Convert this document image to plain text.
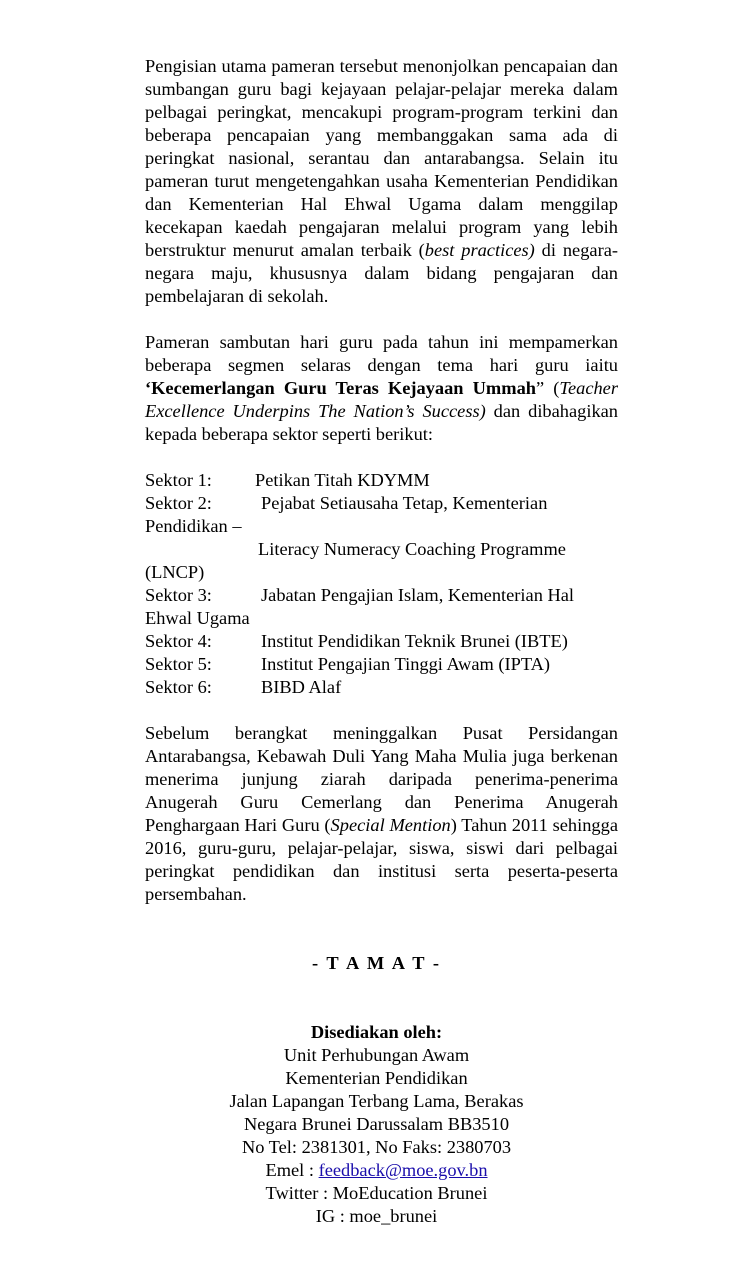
Pengisian utama pameran tersebut menonjolkan pencapaian dan sumbangan guru bagi kejayaan pelajar-pelajar mereka dalam pelbagai peringkat, mencakupi program-program terkini dan beberapa pencapaian yang membanggakan sama ada di peringkat nasional, serantau dan antarabangsa. Selain itu pameran turut mengetengahkan usaha Kementerian Pendidikan dan Kementerian Hal Ehwal Ugama dalam menggilap kecekapan kaedah pengajaran melalui program yang lebih berstruktur menurut amalan terbaik (best practices) di negara-negara maju, khususnya dalam bidang pengajaran dan pembelajaran di sekolah.

Pameran sambutan hari guru pada tahun ini mempamerkan beberapa segmen selaras dengan tema hari guru iaitu ‘Kecemerlangan Guru Teras Kejayaan Ummah” (Teacher Excellence Underpins The Nation’s Success) dan dibahagikan kepada beberapa sektor seperti berikut:

Sektor 1:	Petikan Titah KDYMM
Sektor 2:	Pejabat Setiausaha Tetap, Kementerian
Pendidikan –
Literacy Numeracy Coaching Programme
(LNCP)
Sektor 3:	Jabatan Pengajian Islam, Kementerian Hal
Ehwal Ugama
Sektor 4:	Institut Pendidikan Teknik Brunei (IBTE)
Sektor 5:	Institut Pengajian Tinggi Awam (IPTA)
Sektor 6:	BIBD Alaf

Sebelum berangkat meninggalkan Pusat Persidangan Antarabangsa, Kebawah Duli Yang Maha Mulia juga berkenan menerima junjung ziarah daripada penerima-penerima Anugerah Guru Cemerlang dan Penerima Anugerah Penghargaan Hari Guru (Special Mention) Tahun 2011 sehingga 2016, guru-guru, pelajar-pelajar, siswa, siswi dari pelbagai peringkat pendidikan dan institusi serta peserta-peserta persembahan.

- T A M A T -
Disediakan oleh:
Unit Perhubungan Awam
Kementerian Pendidikan
Jalan Lapangan Terbang Lama, Berakas
Negara Brunei Darussalam BB3510
No Tel: 2381301, No Faks: 2380703
Emel : feedback@moe.gov.bn
Twitter : MoEducation Brunei
IG : moe_brunei
